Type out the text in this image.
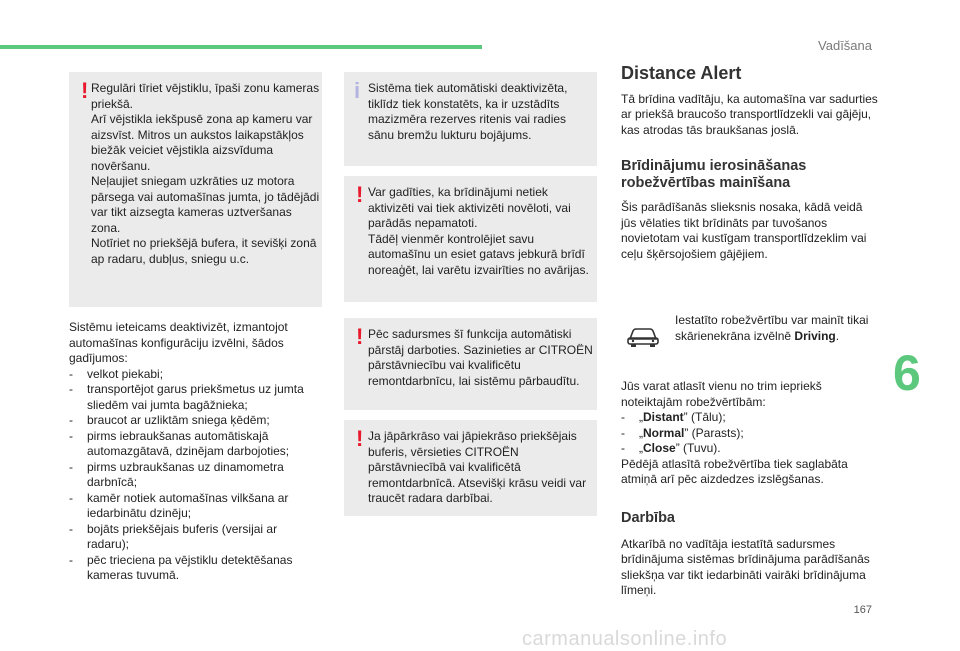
Vadīšana
6
167
! Regulāri tīriet vējstiklu, īpaši zonu kameras priekšā.

Arī vējstikla iekšpusē zona ap kameru var aizsvīst. Mitros un aukstos laikapstākļos biežāk veiciet vējstikla aizsvīduma novēršanu.

Neļaujiet sniegam uzkrāties uz motora pārsega vai automašīnas jumta, jo tādējādi var tikt aizsegta kameras uztveršanas zona.

Notīriet no priekšējā bufera, it sevišķi zonā ap radaru, dubļus, sniegu u.c.

Sistēmu ieteicams deaktivizēt, izmantojot automašīnas konfigurāciju izvēlni, šādos gadījumos:

- velkot piekabi;
- transportējot garus priekšmetus uz jumta sliedēm vai jumta bagāžnieka;
- braucot ar uzliktām sniega ķēdēm;
- pirms iebraukšanas automātiskajā automazgātavā, dzinējam darbojoties;
- pirms uzbraukšanas uz dinamometra darbnīcā;
- kamēr notiek automašīnas vilkšana ar iedarbinātu dzinēju;
- bojāts priekšējais buferis (versijai ar radaru);
- pēc trieciena pa vējstiklu detektēšanas kameras tuvumā.
i Sistēma tiek automātiski deaktivizēta, tiklīdz tiek konstatēts, ka ir uzstādīts mazizmēra rezerves ritenis vai radies sānu bremžu lukturu bojājums.

! Var gadīties, ka brīdinājumi netiek aktivizēti vai tiek aktivizēti novēloti, vai parādās nepamatoti.

Tādēļ vienmēr kontrolējiet savu automašīnu un esiet gatavs jebkurā brīdī noreaģēt, lai varētu izvairīties no avārijas.

! Pēc sadursmes šī funkcija automātiski pārstāj darboties. Sazinieties ar CITROËN pārstāvniecību vai kvalificētu remontdarbnīcu, lai sistēmu pārbaudītu.

! Ja jāpārkrāso vai jāpiekrāso priekšējais buferis, vērsieties CITROËN pārstāvniecībā vai kvalificētā remontdarbnīcā. Atsevišķi krāsu veidi var traucēt radara darbībai.

Distance Alert

Tā brīdina vadītāju, ka automašīna var sadurties ar priekšā braucošo transportlīdzekli vai gājēju, kas atrodas tās braukšanas joslā.

Brīdinājumu ierosināšanas
robežvērtības mainīšana

Šis parādīšanās slieksnis nosaka, kādā veidā jūs vēlaties tikt brīdināts par tuvošanos novietotam vai kustīgam transportlīdzeklim vai ceļu šķērsojošiem gājējiem.

Iestatīto robežvērtību var mainīt tikai skārienekrāna izvēlnē Driving.

Jūs varat atlasīt vienu no trim iepriekš noteiktajām robežvērtībām:

- „Distant” (Tālu);
- „Normal” (Parasts);
- „Close” (Tuvu).

Pēdējā atlasītā robežvērtība tiek saglabāta atmiņā arī pēc aizdedzes izslēgšanas.

Darbība

Atkarībā no vadītāja iestatītā sadursmes brīdinājuma sistēmas brīdinājuma parādīšanās sliekšņa var tikt iedarbināti vairāki brīdinājuma līmeņi.

carmanualsonline.info
